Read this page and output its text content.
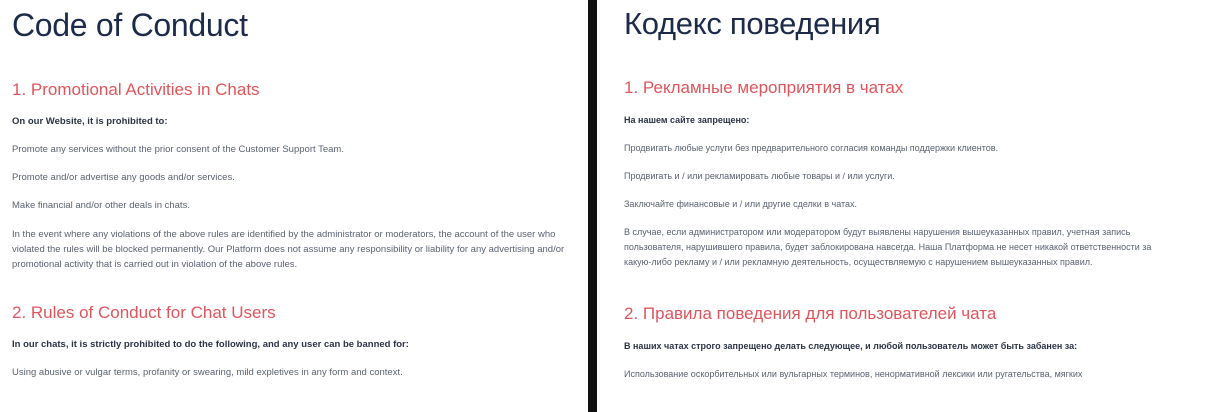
Code of Conduct
1. Promotional Activities in Chats

On our Website, it is prohibited to:

Promote any services without the prior consent of the Customer Support Team.

Promote and/or advertise any goods and/or services.

Make financial and/or other deals in chats.

In the event where any violations of the above rules are identified by the administrator or moderators, the account of the user who violated the rules will be blocked permanently. Our Platform does not assume any responsibility or liability for any advertising and/or promotional activity that is carried out in violation of the above rules.

2. Rules of Conduct for Chat Users

In our chats, it is strictly prohibited to do the following, and any user can be banned for:

Using abusive or vulgar terms, profanity or swearing, mild expletives in any form and context.

Кодекс поведения
1. Рекламные мероприятия в чатах

На нашем сайте запрещено:

Продвигать любые услуги без предварительного согласия команды поддержки клиентов.

Продвигать и / или рекламировать любые товары и / или услуги.

Заключайте финансовые и / или другие сделки в чатах.

В случае, если администратором или модератором будут выявлены нарушения вышеуказанных правил, учетная запись пользователя, нарушившего правила, будет заблокирована навсегда. Наша Платформа не несет никакой ответственности за какую-либо рекламу и / или рекламную деятельность, осуществляемую с нарушением вышеуказанных правил.

2. Правила поведения для пользователей чата

В наших чатах строго запрещено делать следующее, и любой пользователь может быть забанен за:

Использование оскорбительных или вульгарных терминов, ненормативной лексики или ругательства, мягких
